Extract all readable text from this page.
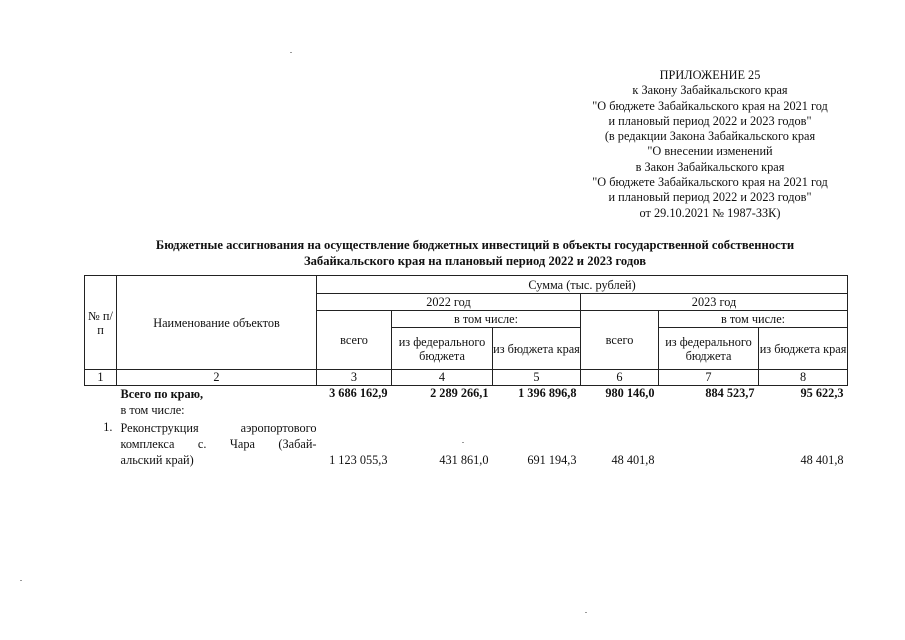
ПРИЛОЖЕНИЕ 25
к Закону Забайкальского края
"О бюджете Забайкальского края на 2021 год
и плановый период 2022 и 2023 годов"
(в редакции Закона Забайкальского края
"О внесении изменений
в Закон Забайкальского края
"О бюджете Забайкальского края на 2021 год
и плановый период 2022 и 2023 годов"
от 29.10.2021 № 1987-ЗЗК)
Бюджетные ассигнования на осуществление бюджетных инвестиций в объекты государственной собственности
Забайкальского края на плановый период 2022 и 2023 годов
№ п/п	Наименование объектов	Сумма (тыс. рублей)					
		2022 год			2023 год		
		всего	в том числе:		всего	в том числе:	
			из федерального бюджета	из бюджета края		из федерального бюджета	из бюджета края
1	2	3	4	5	6	7	8

	Всего по краю,
в том числе:	3 686 162,9	2 289 266,1	1 396 896,8	980 146,0	884 523,7	95 622,3
1.	Реконструкция аэропортового
комплекса с. Чара (Забай-
альский край)	1 123 055,3	431 861,0	691 194,3	48 401,8		48 401,8
